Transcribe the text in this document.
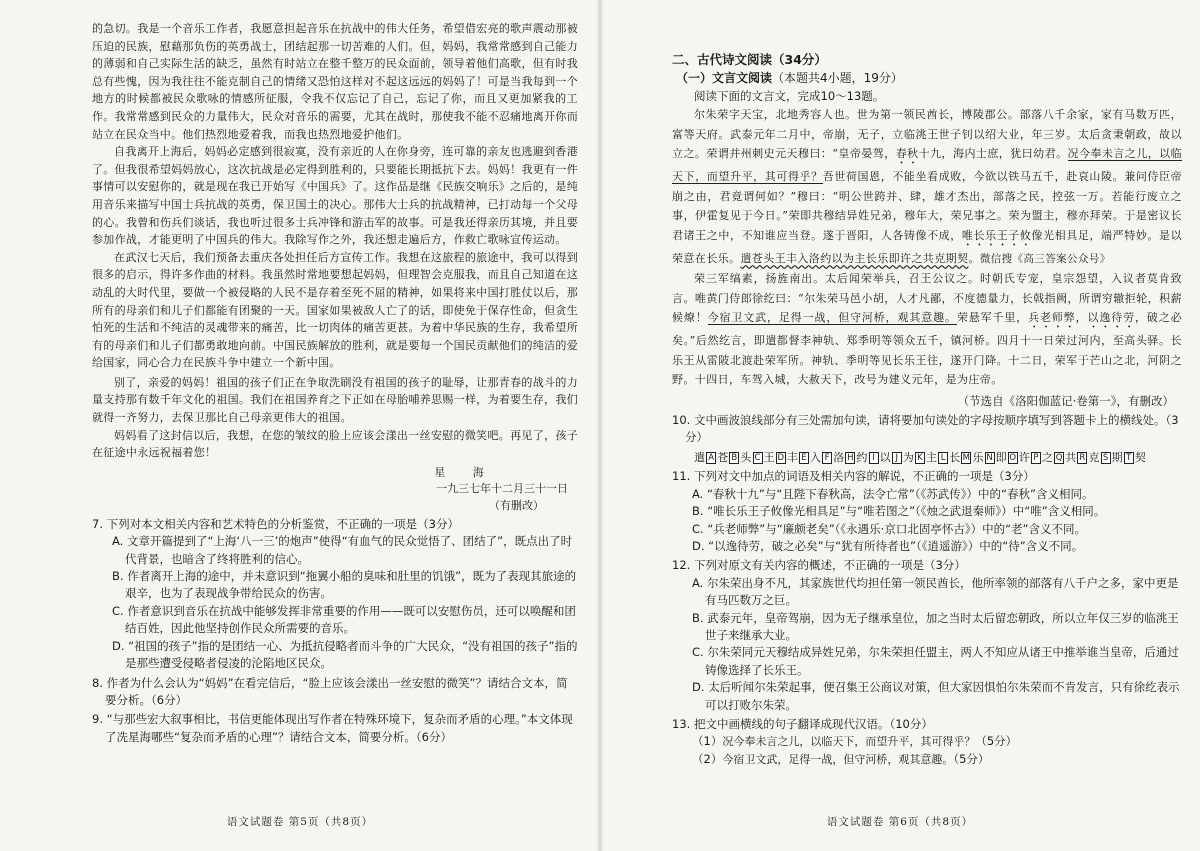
的急切。我是一个音乐工作者，我愿意担起音乐在抗战中的伟大任务，希望借宏亮的歌声震动那被压迫的民族，慰藉那负伤的英勇战士，团结起那一切苦难的人们。但，妈妈，我常常感到自己能力的薄弱和自己实际生活的缺乏，虽然有时站立在整千整万的民众面前，领导着他们高歌，但有时我总有些愧，因为我往往不能克制自己的情绪又恐怕这样对不起这远远的妈妈了！可是当我每到一个地方的时候都被民众歌咏的情感所征服，令我不仅忘记了自己，忘记了你，而且又更加紧我的工作。我常常感到民众的力量伟大，民众对音乐的需要，尤其在战时，那使我不能不忍痛地离开你而站立在民众当中。他们热烈地爱着我，而我也热烈地爱护他们。

自我离开上海后，妈妈必定感到很寂寞，没有亲近的人在你身旁，连可靠的亲友也逃避到香港了。但我很希望妈妈放心，这次抗战是必定得到胜利的，只要能长期抵抗下去。妈妈！我更有一件事情可以安慰你的，就是现在我已开始写《中国兵》了。这作品是继《民族交响乐》之后的，是纯用音乐来描写中国士兵抗战的英勇，保卫国土的决心。那伟大士兵的抗战精神，已打动每一个父母的心。我曾和伤兵们谈话，我也听过很多士兵冲锋和游击军的故事。可是我还得亲历其境，并且要参加作战，才能更明了中国兵的伟大。我除写作之外，我还想走遍后方，作救亡歌咏宣传运动。

在武汉七天后，我们预备去重庆各处担任后方宣传工作。我想在这旅程的旅途中，我可以得到很多的启示，得许多作曲的材料。我虽然时常地要想起妈妈，但理智会克服我，而且自己知道在这动乱的大时代里，要做一个被侵略的人民不是存着至死不屈的精神，如果将来中国打胜仗以后，那所有的母亲们和儿子们都能有团聚的一天。国家如果被敌人亡了的话，即使免于保存性命，但贪生怕死的生活和不纯洁的灵魂带来的痛苦，比一切肉体的痛苦更甚。为着中华民族的生存，我希望所有的母亲们和儿子们都勇敢地向前。中国民族解放的胜利，就是要每一个国民贡献他们的纯洁的爱给国家，同心合力在民族斗争中建立一个新中国。

别了，亲爱的妈妈！祖国的孩子们正在争取洗刷没有祖国的孩子的耻辱，让那青春的战斗的力量支持那有数千年文化的祖国。我们在祖国养育之下正如在母胎哺养思赐一样，为着要生存，我们就得一齐努力，去保卫那比自己母亲更伟大的祖国。

妈妈看了这封信以后，我想，在您的皱纹的脸上应该会漾出一丝安慰的微笑吧。再见了，孩子在征途中永远祝福着您！

星 海

一九三七年十二月三十一日

（有删改）

7. 下列对本文相关内容和艺术特色的分析鉴赏，不正确的一项是（3分）

A. 文章开篇提到了“上海‘八一三’的炮声”使得“有血气的民众觉悟了、团结了”，既点出了时代背景，也暗含了终将胜利的信心。

B. 作者离开上海的途中，并未意识到“拖翼小船的臭味和肚里的饥饿”，既为了表现其旅途的艰辛，也为了表现战争带给民众的伤害。

C. 作者意识到音乐在抗战中能够发挥非常重要的作用——既可以安慰伤员，还可以唤醒和团结百姓，因此他坚持创作民众所需要的音乐。

D. “祖国的孩子”指的是团结一心、为抵抗侵略者而斗争的广大民众，“没有祖国的孩子”指的是那些遭受侵略者侵凌的沦陷地区民众。

8. 作者为什么会认为“妈妈”在看完信后，“脸上应该会漾出一丝安慰的微笑”？请结合文本，简要分析。（6分）

9. “与那些宏大叙事相比，书信更能体现出写作者在特殊环境下，复杂而矛盾的心理。”本文体现了冼星海哪些“复杂而矛盾的心理”？请结合文本，简要分析。（6分）

语文试题卷 第5页（共8页）

二、古代诗文阅读（34分）

（一）文言文阅读（本题共4小题，19分）

阅读下面的文言文，完成10～13题。

尔朱荣字天宝，北地秀容人也。世为第一领民酋长，博陵郡公。部落八千余家，家有马数万匹，富等天府。武泰元年二月中，帝崩，无子，立临洮王世子钊以绍大业，年三岁。太后贪秉朝政，故以立之。荣谓并州刺史元天穆曰：“皇帝晏驾，春秋十九，海内士庶，犹曰幼君。况今奉未言之儿，以临天下，而望升平，其可得乎？吾世荷国恩，不能坐看成败，今欲以铁马五千，赴哀山陵。兼问侍臣帝崩之由，君竟谓何如？”穆曰：“明公世跨并、肆，雄才杰出，部落之民，控弦一万。若能行废立之事，伊霍复见于今日。”荣即共穆结异姓兄弟，穆年大，荣兄事之。荣为盟主，穆亦拜荣。于是密议长君诸王之中，不知谁应当登。遂于晋阳，人各铸像不成，唯长乐王子攸像光相具足，端严特妙。是以荣意在长乐。遣苍头王丰入洛约以为主长乐即许之共克期契。微信搜《高三答案公众号》

荣三军缟素，扬旌南出。太后闻荣举兵，召王公议之。时朝氏专宠，皇宗怨望，入议者莫肯致言。唯黄门侍郎徐纥曰：“尔朱荣马邑小胡，人才凡鄙，不度德量力，长戟指阙，所谓穷辙拒轮，积薪候燎！今宿卫文武，足得一战，但守河桥，观其意趣。荣悬军千里，兵老师弊，以逸待劳，破之必矣。”后然纥言，即遣都督李神轨、郑季明等领众五千，镇河桥。四月十一日荣过河内，至高头驿。长乐王从雷陂北渡赴荣军所。神轨、季明等见长乐王往，遂开门降。十二日，荣军于芒山之北，河阴之野。十四日，车驾入城，大赦天下，改号为建义元年，是为庄帝。

（节选自《洛阳伽蓝记·卷第一》，有删改）

10. 文中画波浪线部分有三处需加句读，请将要加句读处的字母按顺序填写到答题卡上的横线处。（3分）

遣 A 苍 B 头 C 王 D 丰 E 入 F 洛 H 约 I 以 J 为 K 主 L 长 M 乐 N 即 O 许 P 之 Q 共 R 克 S 期 T 契

11. 下列对文中加点的词语及相关内容的解说，不正确的一项是（3分）

A. “春秋十九”与“且陛下春秋高，法令亡常”（《苏武传》）中的“春秋”含义相同。

B. “唯长乐王子攸像光相具足”与“唯若图之”（《烛之武退秦师》）中“唯”含义相同。

C. “兵老师弊”与“廉颇老矣”（《永遇乐·京口北固亭怀古》）中的“老”含义不同。

D. “以逸待劳，破之必矣”与“犹有所待者也”（《逍遥游》）中的“待”含义不同。

12. 下列对原文有关内容的概述，不正确的一项是（3分）

A. 尔朱荣出身不凡，其家族世代均担任第一领民酋长，他所率领的部落有八千户之多，家中更是有马匹数万之巨。

B. 武泰元年，皇帝驾崩，因为无子继承皇位，加之当时太后留恋朝政，所以立年仅三岁的临洮王世子来继承大业。

C. 尔朱荣同元天穆结成异姓兄弟，尔朱荣担任盟主，两人不知应从诸王中推举谁当皇帝，后通过铸像选择了长乐王。

D. 太后听闻尔朱荣起事，便召集王公商议对策，但大家因惧怕尔朱荣而不肯发言，只有徐纥表示可以打败尔朱荣。

13. 把文中画横线的句子翻译成现代汉语。（10分）

（1）况今奉未言之儿，以临天下，而望升平，其可得乎？（5分）

（2）今宿卫文武，足得一战，但守河桥，观其意趣。（5分）

语文试题卷 第6页（共8页）
